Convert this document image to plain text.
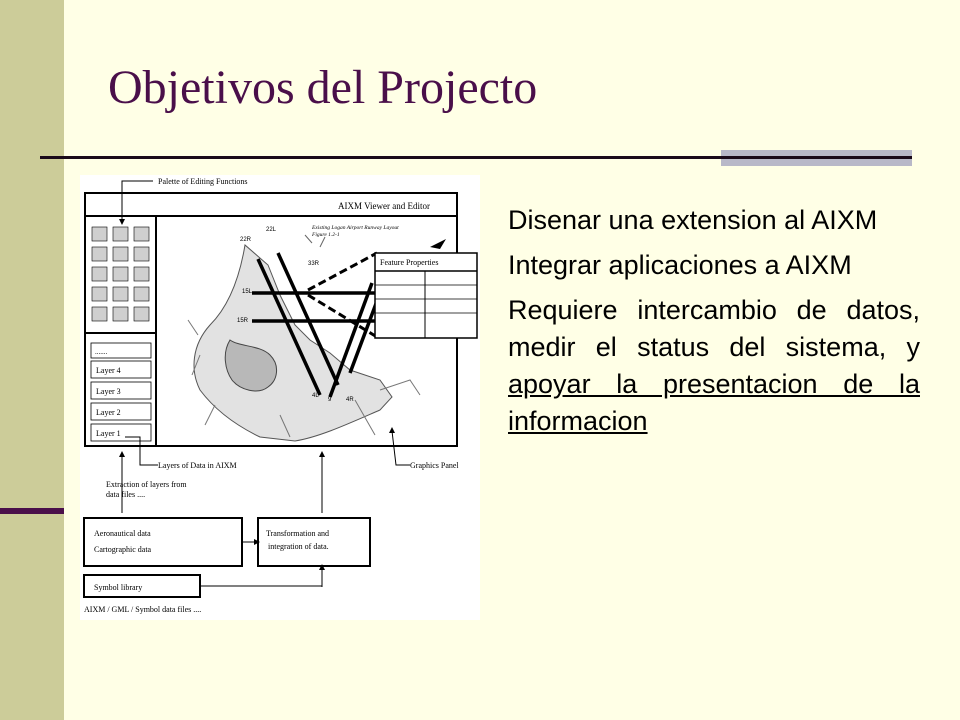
Objetivos del Projecto
Palette of Editing Functions
AIXM Viewer and Editor
.......
Layer 4
Layer 3
Layer 2
Layer 1
Existing Logan Airport Runway Layout
Figure 1.2-1
22R
22L
15L
15R
33R
4L
9 4R
Feature Properties
Layers of Data in AIXM	Graphics Panel
Extraction of layers from
data files ....
Aeronautical data
Cartographic data
Transformation and
integration of data.
Symbol library
AIXM / GML / Symbol data files ....
Disenar una extension al AIXM
Integrar aplicaciones a AIXM
Requiere intercambio de datos, medir el status del sistema, y apoyar la presentacion de la informacion
